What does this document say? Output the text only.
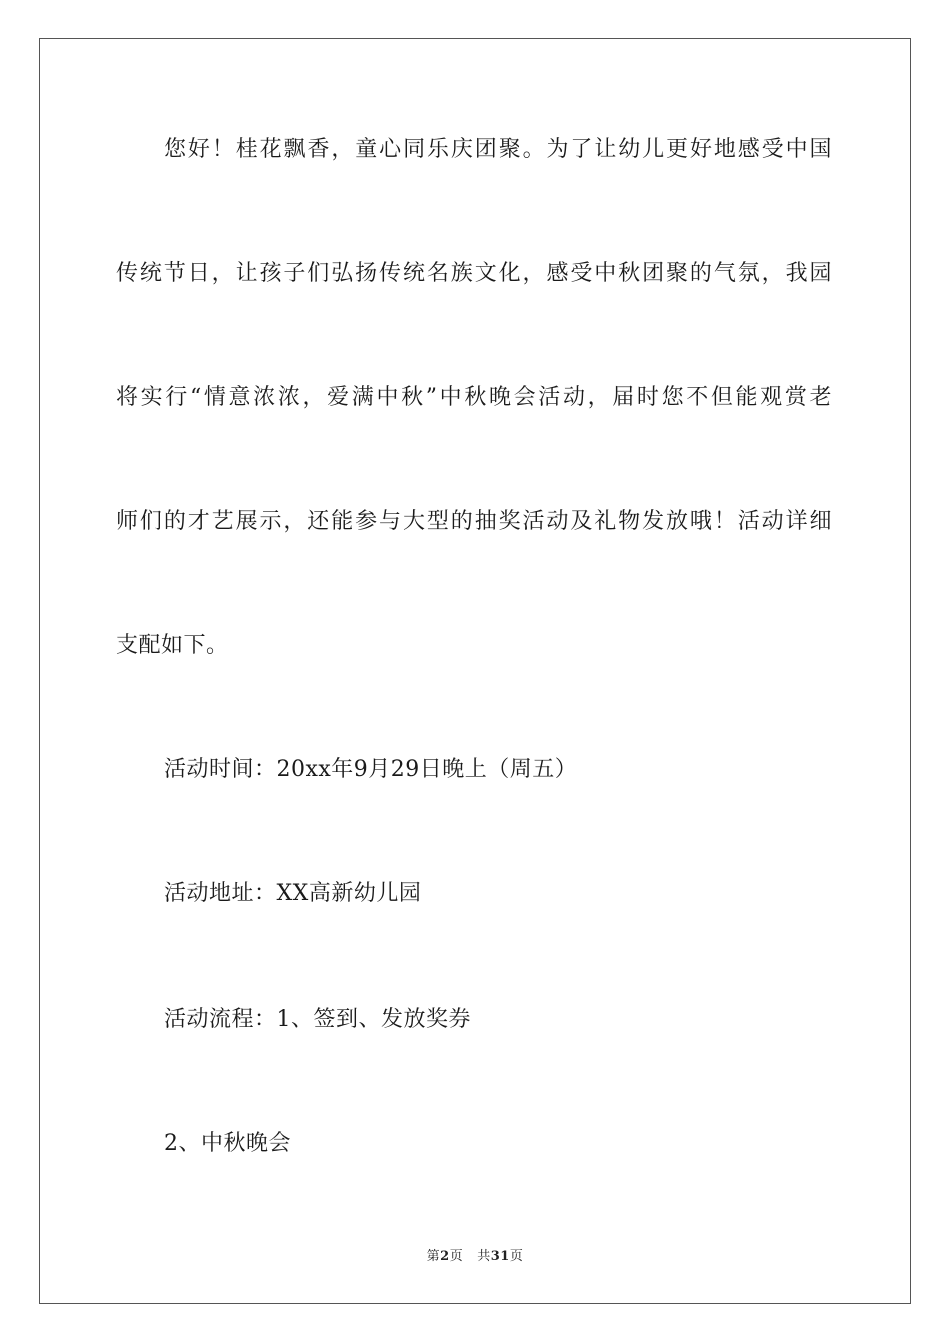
您好！桂花飘香，童心同乐庆团聚。为了让幼儿更好地感受中国
传统节日，让孩子们弘扬传统名族文化，感受中秋团聚的气氛，我园
将实行“情意浓浓，爱满中秋”中秋晚会活动，届时您不但能观赏老
师们的才艺展示，还能参与大型的抽奖活动及礼物发放哦！活动详细
支配如下。
活动时间：20xx年9月29日晚上（周五）
活动地址：XX高新幼儿园
活动流程：1、签到、发放奖券
2、中秋晚会
第2页 共31页
